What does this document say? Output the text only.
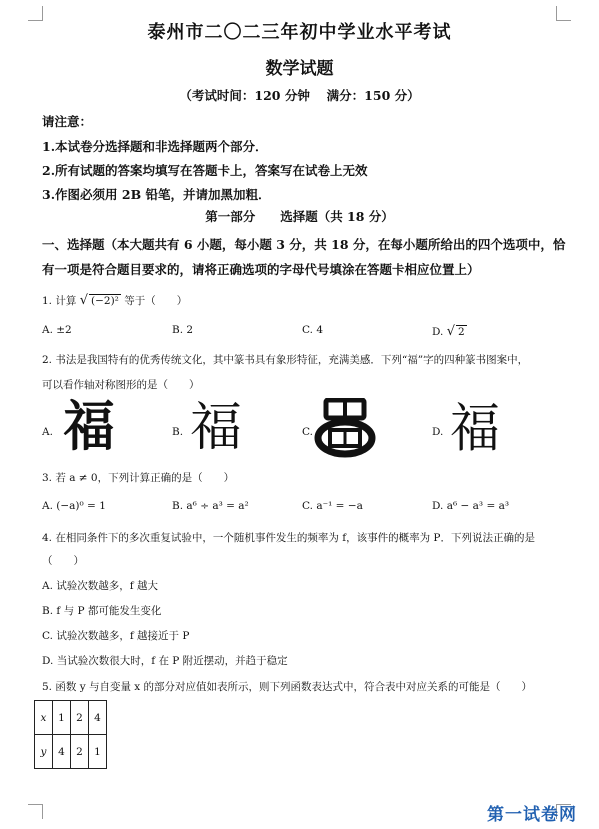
泰州市二〇二三年初中学业水平考试
数学试题
（考试时间：120 分钟　 满分：150 分）
请注意：
1.本试卷分选择题和非选择题两个部分．
2.所有试题的答案均填写在答题卡上，答案写在试卷上无效
3.作图必须用 2B 铅笔，并请加黑加粗．
第一部分　　选择题（共 18 分）
一、选择题（本大题共有 6 小题，每小题 3 分，共 18 分，在每小题所给出的四个选项中，恰
有一项是符合题目要求的，请将正确选项的字母代号填涂在答题卡相应位置上）
1. 计算 √ (−2)² 等于（　　）
A. ±2	B. 2	C. 4	D. √ 2
2. 书法是我国特有的优秀传统文化，其中篆书具有象形特征，充满美感．下列“福”字的四种篆书图案中，
可以看作轴对称图形的是（　　）
A. 福	B. 福	C.	D. 福
3. 若 a ≠ 0，下列计算正确的是（　　）
A. (−a)⁰ = 1	B. a⁶ ÷ a³ = a²	C. a⁻¹ = −a	D. a⁶ − a³ = a³
4. 在相同条件下的多次重复试验中，一个随机事件发生的频率为 f，该事件的概率为 P．下列说法正确的是
（　　）
A. 试验次数越多，f 越大
B. f 与 P 都可能发生变化
C. 试验次数越多，f 越接近于 P
D. 当试验次数很大时，f 在 P 附近摆动，并趋于稳定
5. 函数 y 与自变量 x 的部分对应值如表所示，则下列函数表达式中，符合表中对应关系的可能是（　　）
x	1	2	4
y	4	2	1
第一试卷网
